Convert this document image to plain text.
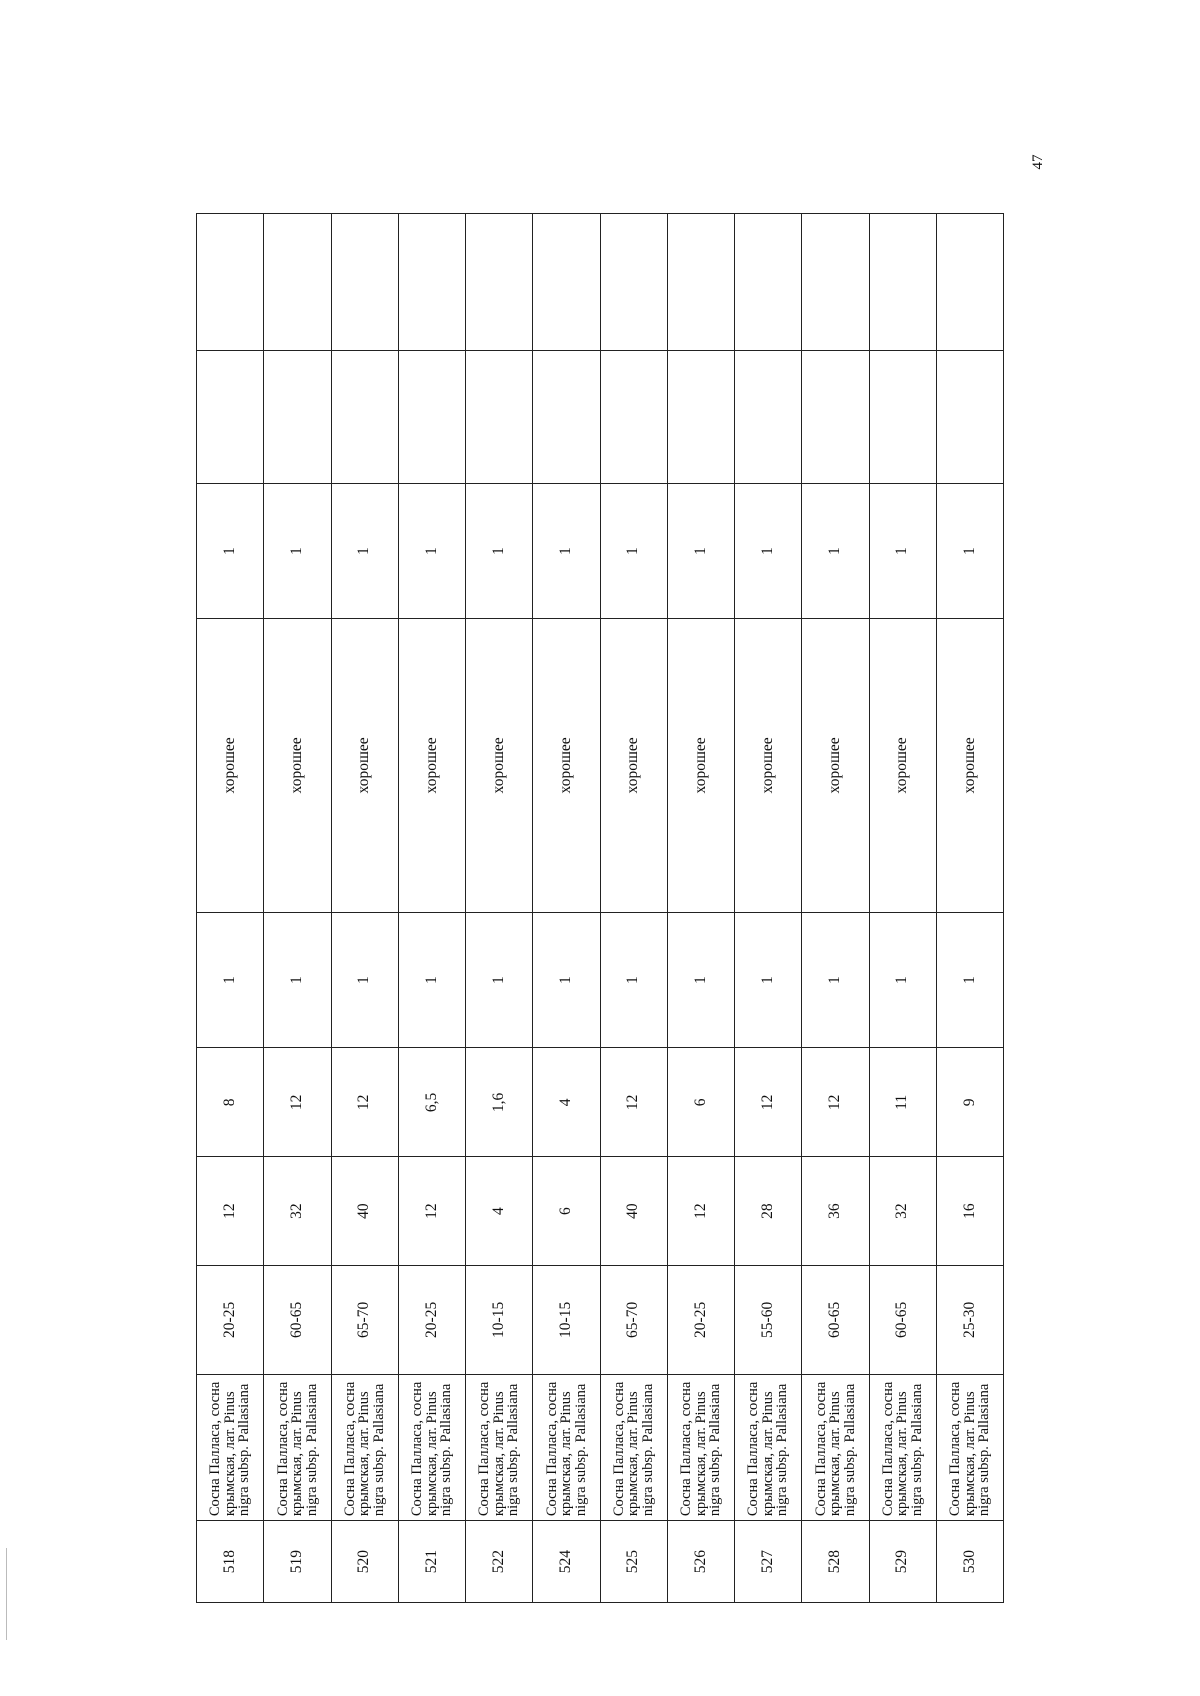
47
518	Сосна Палласа, сосна крымская, лат. Pinus nigra subsp. Pallasiana	20-25	12	8	1	хорошее	1		
519	Сосна Палласа, сосна крымская, лат. Pinus nigra subsp. Pallasiana	60-65	32	12	1	хорошее	1		
520	Сосна Палласа, сосна крымская, лат. Pinus nigra subsp. Pallasiana	65-70	40	12	1	хорошее	1		
521	Сосна Палласа, сосна крымская, лат. Pinus nigra subsp. Pallasiana	20-25	12	6,5	1	хорошее	1		
522	Сосна Палласа, сосна крымская, лат. Pinus nigra subsp. Pallasiana	10-15	4	1,6	1	хорошее	1		
524	Сосна Палласа, сосна крымская, лат. Pinus nigra subsp. Pallasiana	10-15	6	4	1	хорошее	1		
525	Сосна Палласа, сосна крымская, лат. Pinus nigra subsp. Pallasiana	65-70	40	12	1	хорошее	1		
526	Сосна Палласа, сосна крымская, лат. Pinus nigra subsp. Pallasiana	20-25	12	6	1	хорошее	1		
527	Сосна Палласа, сосна крымская, лат. Pinus nigra subsp. Pallasiana	55-60	28	12	1	хорошее	1		
528	Сосна Палласа, сосна крымская, лат. Pinus nigra subsp. Pallasiana	60-65	36	12	1	хорошее	1		
529	Сосна Палласа, сосна крымская, лат. Pinus nigra subsp. Pallasiana	60-65	32	11	1	хорошее	1		
530	Сосна Палласа, сосна крымская, лат. Pinus nigra subsp. Pallasiana	25-30	16	9	1	хорошее	1		
